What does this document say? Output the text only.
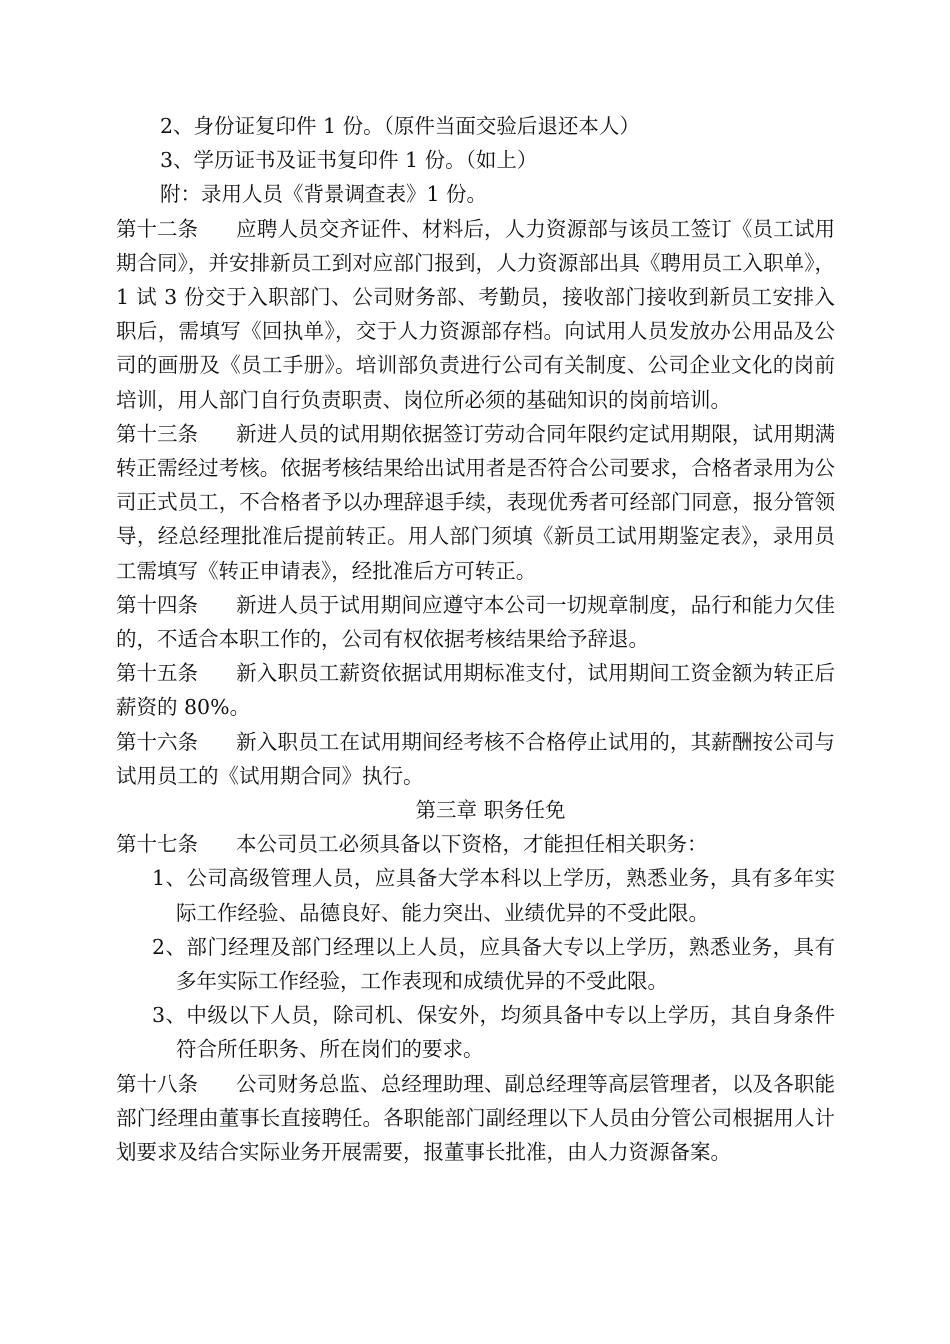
2、身份证复印件 1 份。（原件当面交验后退还本人）

3、学历证书及证书复印件 1 份。（如上）

附：录用人员《背景调查表》1 份。

第十二条 应聘人员交齐证件、材料后，人力资源部与该员工签订《员工试用期合同》，并安排新员工到对应部门报到，人力资源部出具《聘用员工入职单》，1 试 3 份交于入职部门、公司财务部、考勤员，接收部门接收到新员工安排入职后，需填写《回执单》，交于人力资源部存档。向试用人员发放办公用品及公司的画册及《员工手册》。培训部负责进行公司有关制度、公司企业文化的岗前培训，用人部门自行负责职责、岗位所必须的基础知识的岗前培训。

第十三条 新进人员的试用期依据签订劳动合同年限约定试用期限，试用期满转正需经过考核。依据考核结果给出试用者是否符合公司要求，合格者录用为公司正式员工，不合格者予以办理辞退手续，表现优秀者可经部门同意，报分管领导，经总经理批准后提前转正。用人部门须填《新员工试用期鉴定表》，录用员工需填写《转正申请表》，经批准后方可转正。

第十四条 新进人员于试用期间应遵守本公司一切规章制度，品行和能力欠佳的，不适合本职工作的，公司有权依据考核结果给予辞退。

第十五条 新入职员工薪资依据试用期标准支付，试用期间工资金额为转正后薪资的 80%。

第十六条 新入职员工在试用期间经考核不合格停止试用的，其薪酬按公司与试用员工的《试用期合同》执行。

第三章 职务任免

第十七条 本公司员工必须具备以下资格，才能担任相关职务：

1、公司高级管理人员，应具备大学本科以上学历，熟悉业务，具有多年实际工作经验、品德良好、能力突出、业绩优异的不受此限。

2、部门经理及部门经理以上人员，应具备大专以上学历，熟悉业务，具有多年实际工作经验，工作表现和成绩优异的不受此限。

3、中级以下人员，除司机、保安外，均须具备中专以上学历，其自身条件符合所任职务、所在岗们的要求。

第十八条 公司财务总监、总经理助理、副总经理等高层管理者，以及各职能部门经理由董事长直接聘任。各职能部门副经理以下人员由分管公司根据用人计划要求及结合实际业务开展需要，报董事长批准，由人力资源备案。
